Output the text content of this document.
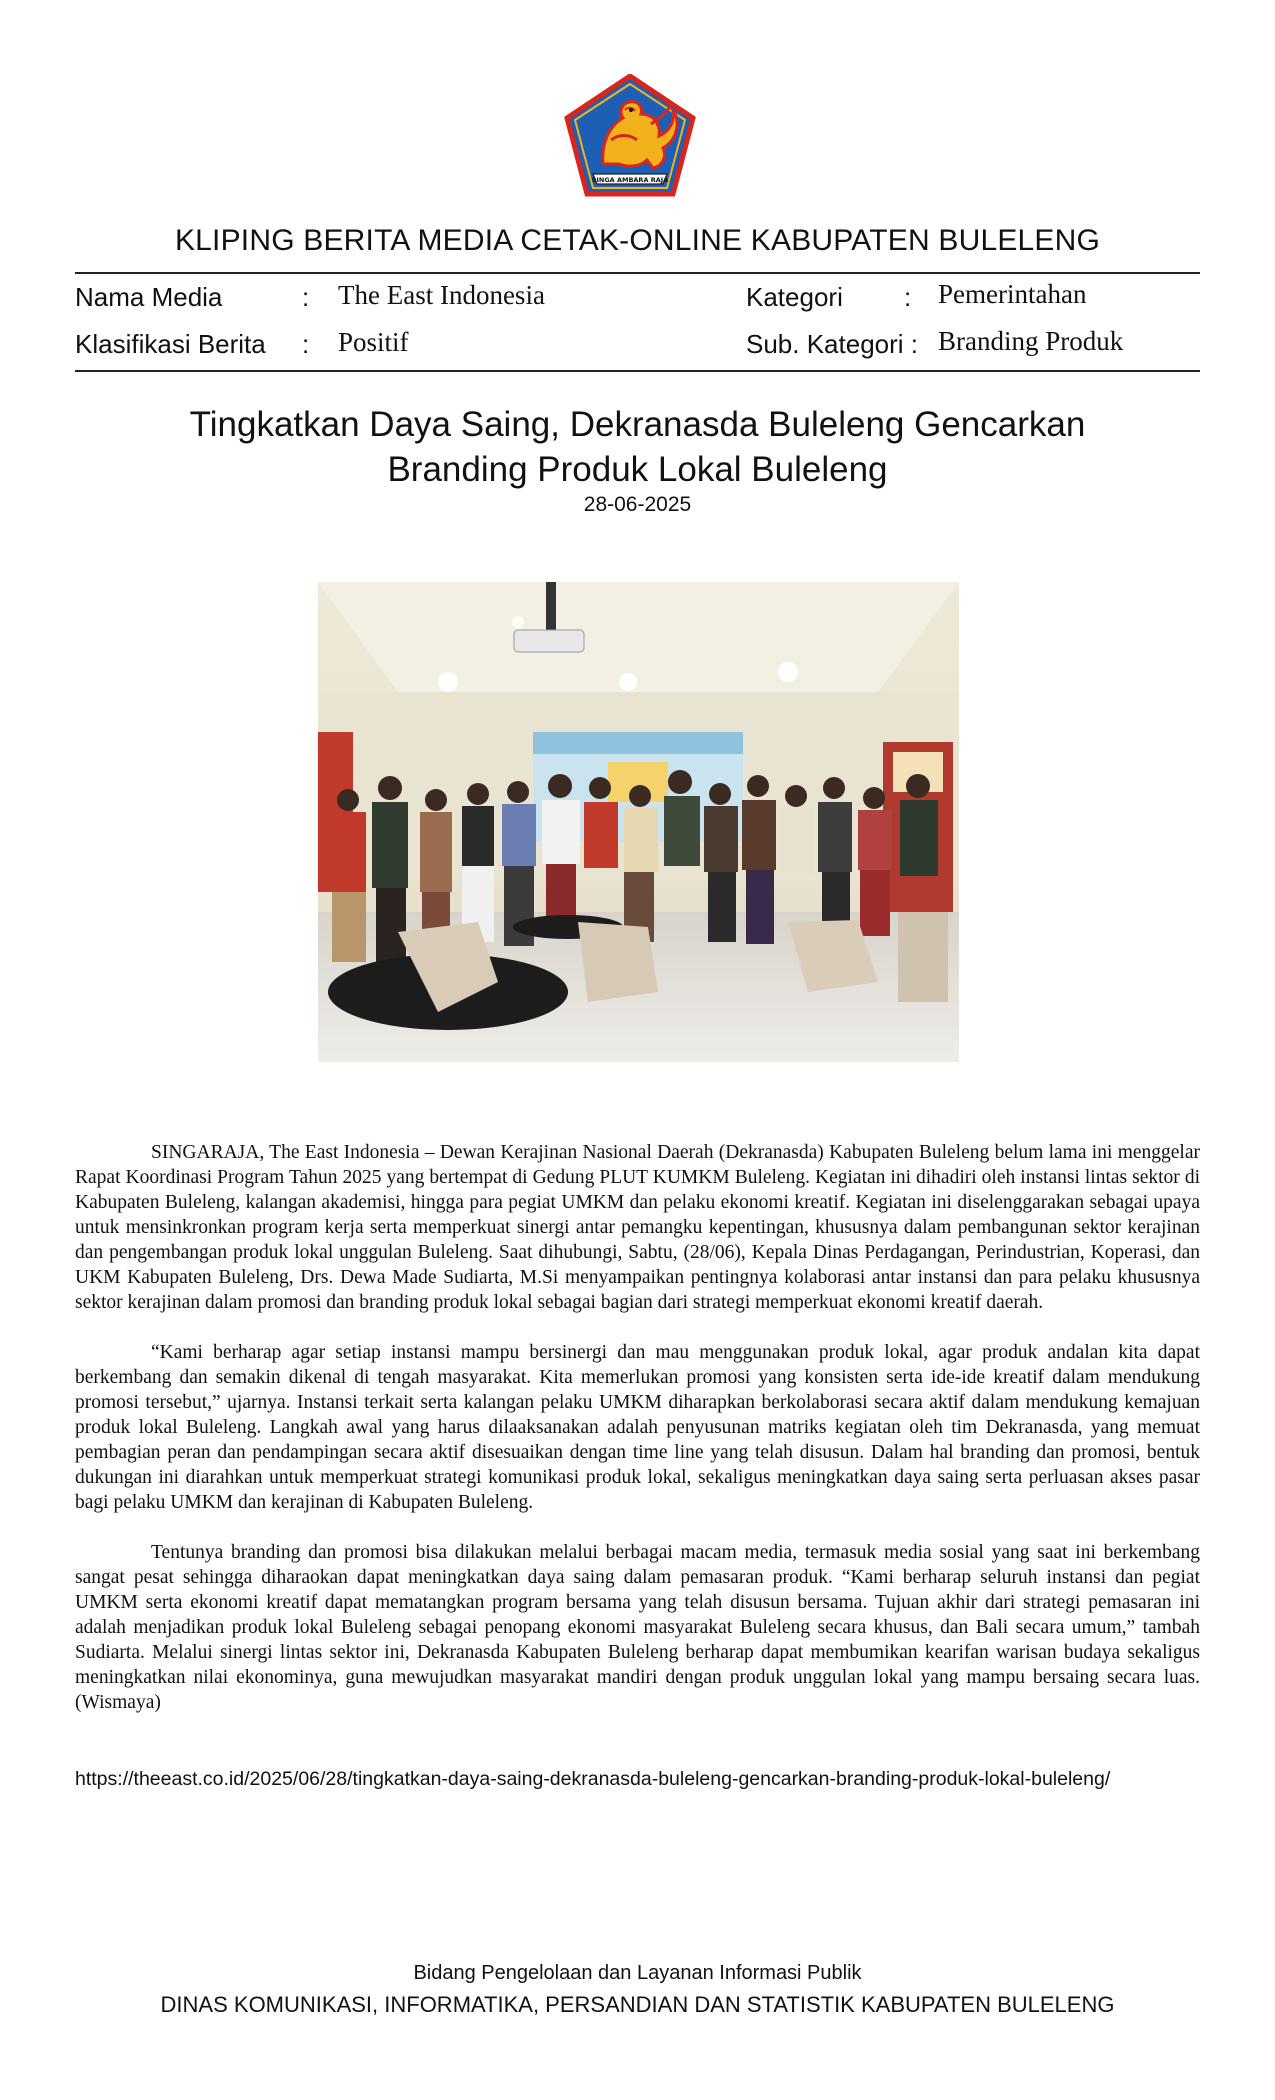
SINGA AMBARA RAJA
KLIPING BERITA MEDIA CETAK-ONLINE KABUPATEN BULELENG
Nama Media	: The East Indonesia	Kategori : Pemerintahan
Klasifikasi Berita : Positif	Sub. Kategori : Branding Produk
Tingkatkan Daya Saing, Dekranasda Buleleng Gencarkan
Branding Produk Lokal Buleleng
28-06-2025

SINGARAJA, The East Indonesia – Dewan Kerajinan Nasional Daerah (Dekranasda) Kabupaten Buleleng belum lama ini menggelar Rapat Koordinasi Program Tahun 2025 yang bertempat di Gedung PLUT KUMKM Buleleng. Kegiatan ini dihadiri oleh instansi lintas sektor di Kabupaten Buleleng, kalangan akademisi, hingga para pegiat UMKM dan pelaku ekonomi kreatif. Kegiatan ini diselenggarakan sebagai upaya untuk mensinkronkan program kerja serta memperkuat sinergi antar pemangku kepentingan, khususnya dalam pembangunan sektor kerajinan dan pengembangan produk lokal unggulan Buleleng. Saat dihubungi, Sabtu, (28/06), Kepala Dinas Perdagangan, Perindustrian, Koperasi, dan UKM Kabupaten Buleleng, Drs. Dewa Made Sudiarta, M.Si menyampaikan pentingnya kolaborasi antar instansi dan para pelaku khususnya sektor kerajinan dalam promosi dan branding produk lokal sebagai bagian dari strategi memperkuat ekonomi kreatif daerah.

“Kami berharap agar setiap instansi mampu bersinergi dan mau menggunakan produk lokal, agar produk andalan kita dapat berkembang dan semakin dikenal di tengah masyarakat. Kita memerlukan promosi yang konsisten serta ide-ide kreatif dalam mendukung promosi tersebut,” ujarnya. Instansi terkait serta kalangan pelaku UMKM diharapkan berkolaborasi secara aktif dalam mendukung kemajuan produk lokal Buleleng. Langkah awal yang harus dilaaksanakan adalah penyusunan matriks kegiatan oleh tim Dekranasda, yang memuat pembagian peran dan pendampingan secara aktif disesuaikan dengan time line yang telah disusun. Dalam hal branding dan promosi, bentuk dukungan ini diarahkan untuk memperkuat strategi komunikasi produk lokal, sekaligus meningkatkan daya saing serta perluasan akses pasar bagi pelaku UMKM dan kerajinan di Kabupaten Buleleng.

Tentunya branding dan promosi bisa dilakukan melalui berbagai macam media, termasuk media sosial yang saat ini berkembang sangat pesat sehingga diharaokan dapat meningkatkan daya saing dalam pemasaran produk. “Kami berharap seluruh instansi dan pegiat UMKM serta ekonomi kreatif dapat mematangkan program bersama yang telah disusun bersama. Tujuan akhir dari strategi pemasaran ini adalah menjadikan produk lokal Buleleng sebagai penopang ekonomi masyarakat Buleleng secara khusus, dan Bali secara umum,” tambah Sudiarta. Melalui sinergi lintas sektor ini, Dekranasda Kabupaten Buleleng berharap dapat membumikan kearifan warisan budaya sekaligus meningkatkan nilai ekonominya, guna mewujudkan masyarakat mandiri dengan produk unggulan lokal yang mampu bersaing secara luas.(Wismaya)

https://theeast.co.id/2025/06/28/tingkatkan-daya-saing-dekranasda-buleleng-gencarkan-branding-produk-lokal-buleleng/
Bidang Pengelolaan dan Layanan Informasi Publik
DINAS KOMUNIKASI, INFORMATIKA, PERSANDIAN DAN STATISTIK KABUPATEN BULELENG
